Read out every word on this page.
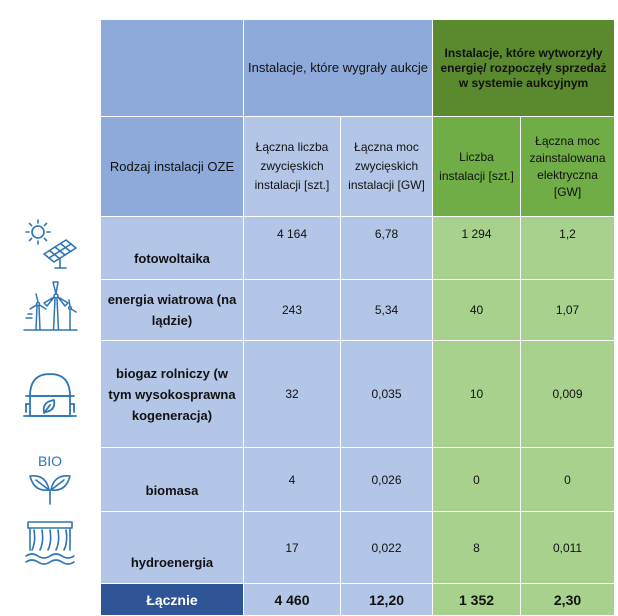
BIO
	Instalacje, które wygrały aukcje		Instalacje, które wytworzyły energię/ rozpoczęły sprzedaż w systemie aukcyjnym	
Rodzaj instalacji OZE	Łączna liczba zwycięskich instalacji [szt.]	Łączna moc zwycięskich instalacji [GW]	Liczba instalacji [szt.]	Łączna moc zainstalowana elektryczna [GW]
fotowoltaika	4 164	6,78	1 294	1,2
energia wiatrowa (na lądzie)	243	5,34	40	1,07
biogaz rolniczy (w tym wysokosprawna kogeneracja)	32	0,035	10	0,009
biomasa	4	0,026	0	0
hydroenergia	17	0,022	8	0,011
Łącznie	4 460	12,20	1 352	2,30
